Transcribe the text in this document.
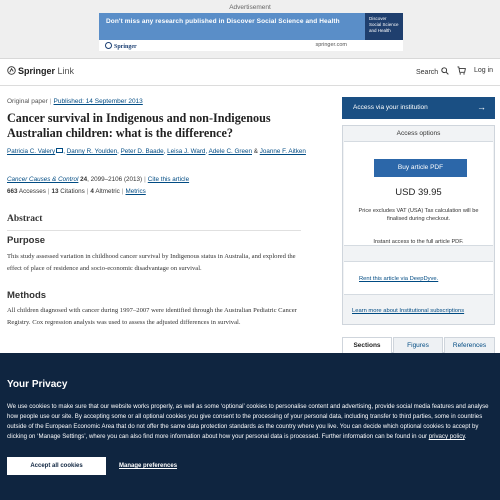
Advertisement
Don't miss any research published in Discover Social Science and Health	Discover Social Science and Health
Springer	springer.com
Springer Link	Search	Log in
Original paper | Published: 14 September 2013
Cancer survival in Indigenous and non-Indigenous Australian children: what is the difference?
Patricia C. Valery , Danny R. Youlden, Peter D. Baade, Leisa J. Ward, Adele C. Green & Joanne F. Aitken
Cancer Causes & Control 24, 2099–2106 (2013) | Cite this article
663 Accesses | 13 Citations | 4 Altmetric | Metrics
Abstract
Purpose

This study assessed variation in childhood cancer survival by Indigenous status in Australia, and explored the effect of place of residence and socio-economic disadvantage on survival.

Methods

All children diagnosed with cancer during 1997–2007 were identified through the Australian Pediatric Cancer Registry. Cox regression analysis was used to assess the adjusted differences in survival.

Access via your institution	→
Access options
Buy article PDF
USD 39.95
Price excludes VAT (USA) Tax calculation will be finalised during checkout.
Instant access to the full article PDF.
Rent this article via DeepDyve.
Learn more about Institutional subscriptions
Sections	Figures	References
Your Privacy

We use cookies to make sure that our website works properly, as well as some ‘optional’ cookies to personalise content and advertising, provide social media features and analyse how people use our site. By accepting some or all optional cookies you give consent to the processing of your personal data, including transfer to third parties, some in countries outside of the European Economic Area that do not offer the same data protection standards as the country where you live. You can decide which optional cookies to accept by clicking on ‘Manage Settings’, where you can also find more information about how your personal data is processed. Further information can be found in our privacy policy.

Accept all cookies	Manage preferences
